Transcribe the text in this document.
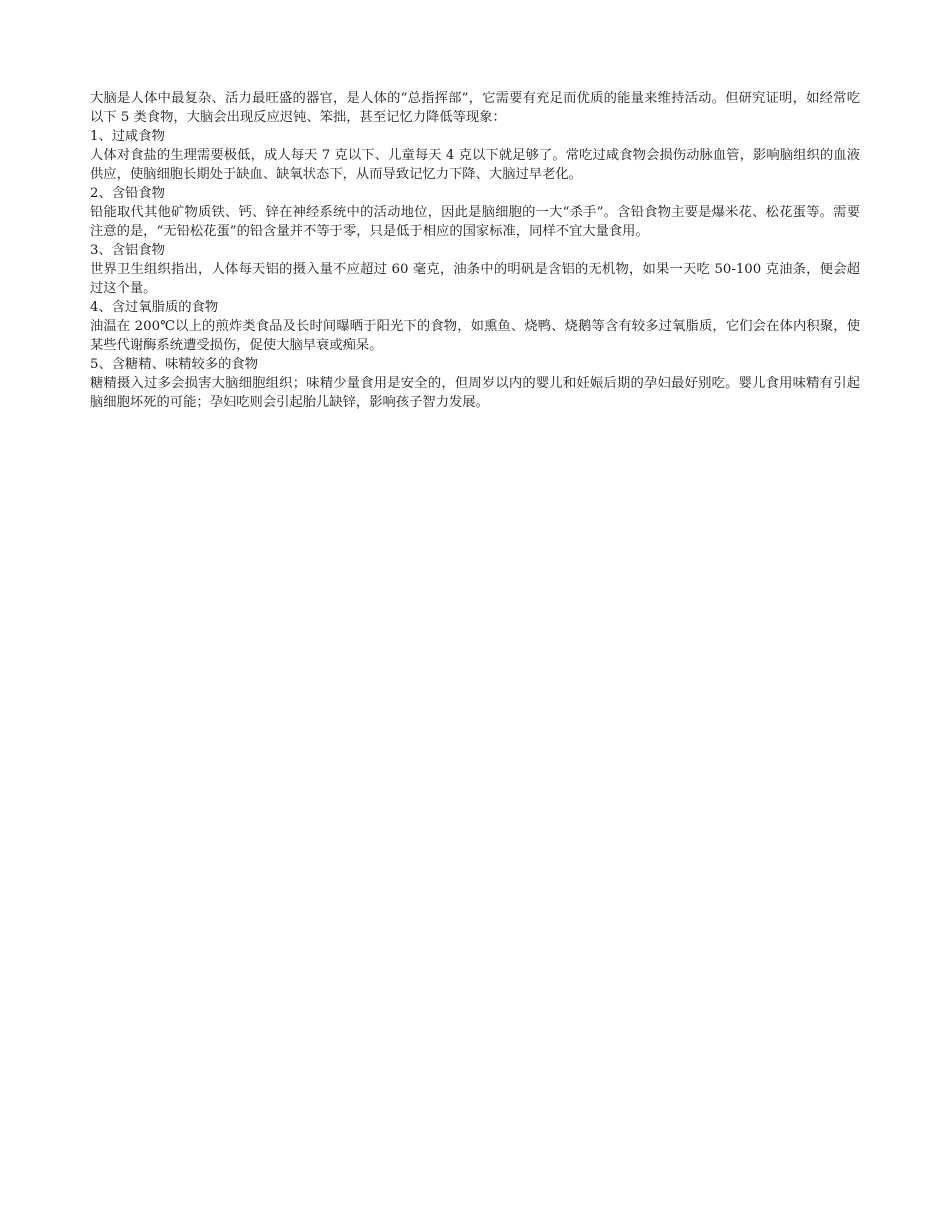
大脑是人体中最复杂、活力最旺盛的器官，是人体的“总指挥部”，它需要有充足而优质的能量来维持活动。但研究证明，如经常吃以下 5 类食物，大脑会出现反应迟钝、笨拙，甚至记忆力降低等现象：

1、过咸食物

人体对食盐的生理需要极低，成人每天 7 克以下、儿童每天 4 克以下就足够了。常吃过咸食物会损伤动脉血管，影响脑组织的血液供应，使脑细胞长期处于缺血、缺氧状态下，从而导致记忆力下降、大脑过早老化。

2、含铅食物

铅能取代其他矿物质铁、钙、锌在神经系统中的活动地位，因此是脑细胞的一大“杀手”。含铅食物主要是爆米花、松花蛋等。需要注意的是，“无铅松花蛋”的铅含量并不等于零，只是低于相应的国家标准，同样不宜大量食用。

3、含铝食物

世界卫生组织指出，人体每天铝的摄入量不应超过 60 毫克，油条中的明矾是含铝的无机物，如果一天吃 50-100 克油条，便会超过这个量。

4、含过氧脂质的食物

油温在 200℃以上的煎炸类食品及长时间曝晒于阳光下的食物，如熏鱼、烧鸭、烧鹅等含有较多过氧脂质，它们会在体内积聚，使某些代谢酶系统遭受损伤，促使大脑早衰或痴呆。

5、含糖精、味精较多的食物

糖精摄入过多会损害大脑细胞组织；味精少量食用是安全的，但周岁以内的婴儿和妊娠后期的孕妇最好别吃。婴儿食用味精有引起脑细胞坏死的可能；孕妇吃则会引起胎儿缺锌，影响孩子智力发展。
